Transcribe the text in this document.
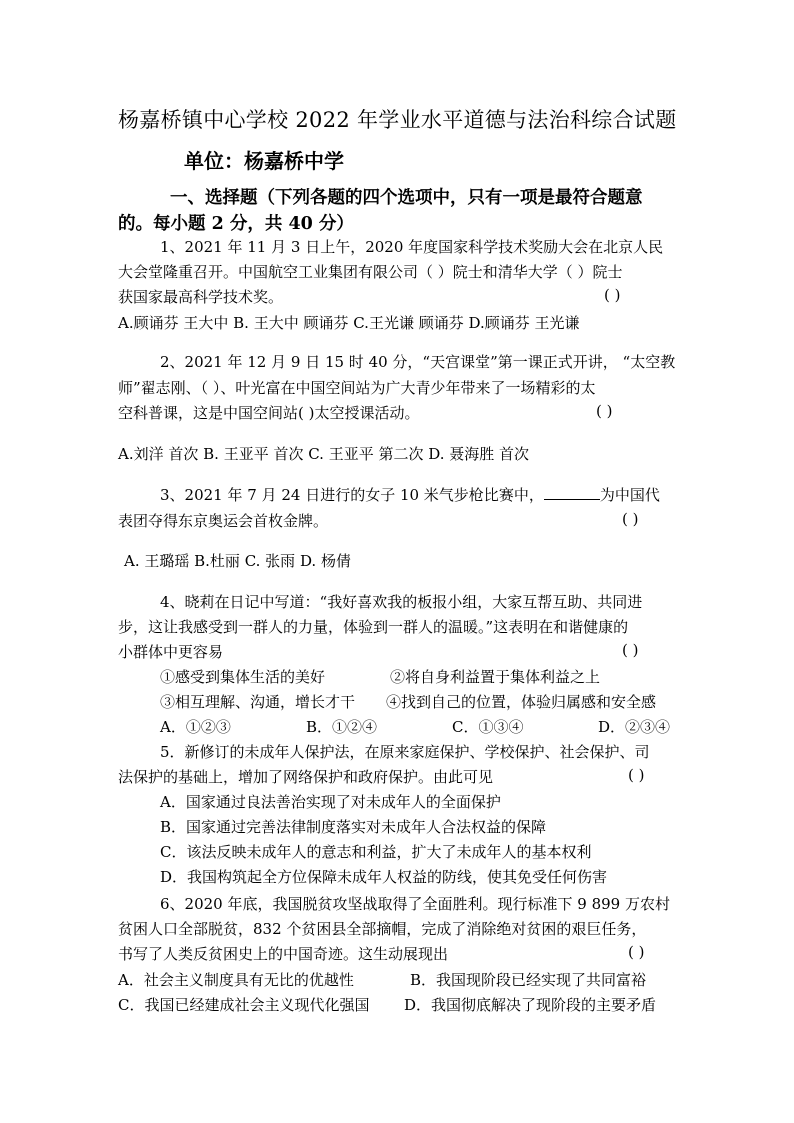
杨嘉桥镇中心学校 2022 年学业水平道德与法治科综合试题
单位：杨嘉桥中学
一、选择题（下列各题的四个选项中，只有一项是最符合题意
的。每小题 2 分，共 40 分）
1、2021 年 11 月 3 日上午，2020 年度国家科学技术奖励大会在北京人民
大会堂隆重召开。中国航空工业集团有限公司（ ）院士和清华大学（ ）院士
获国家最高科学技术奖。	( )
A.顾诵芬 王大中 B. 王大中 顾诵芬 C.王光谦 顾诵芬 D.顾诵芬 王光谦
2、2021 年 12 月 9 日 15 时 40 分，“天宫课堂”第一课正式开讲， “太空教
师”翟志刚、（ ）、叶光富在中国空间站为广大青少年带来了一场精彩的太
空科普课，这是中国空间站( )太空授课活动。	( )
A.刘洋 首次 B. 王亚平 首次 C. 王亚平 第二次 D. 聂海胜 首次
3、2021 年 7 月 24 日进行的女子 10 米气步枪比赛中，	为中国代
表团夺得东京奥运会首枚金牌。	( )
A. 王璐瑶 B.杜丽 C. 张雨 D. 杨倩
4、晓莉在日记中写道：“我好喜欢我的板报小组，大家互帮互助、共同进
步，这让我感受到一群人的力量，体验到一群人的温暖。”这表明在和谐健康的
小群体中更容易	( )
①感受到集体生活的美好	②将自身利益置于集体利益之上
③相互理解、沟通，增长才干 ④找到自己的位置，体验归属感和安全感
A．①②③	B．①②④	C．①③④	D．②③④
5．新修订的未成年人保护法，在原来家庭保护、学校保护、社会保护、司
法保护的基础上，增加了网络保护和政府保护。由此可见	( )
A．国家通过良法善治实现了对未成年人的全面保护
B．国家通过完善法律制度落实对未成年人合法权益的保障
C．该法反映未成年人的意志和利益，扩大了未成年人的基本权利
D．我国构筑起全方位保障未成年人权益的防线，使其免受任何伤害
6、2020 年底，我国脱贫攻坚战取得了全面胜利。现行标准下 9 899 万农村
贫困人口全部脱贫，832 个贫困县全部摘帽，完成了消除绝对贫困的艰巨任务，
书写了人类反贫困史上的中国奇迹。这生动展现出	( )
A．社会主义制度具有无比的优越性	B．我国现阶段已经实现了共同富裕
C．我国已经建成社会主义现代化强国 D．我国彻底解决了现阶段的主要矛盾
